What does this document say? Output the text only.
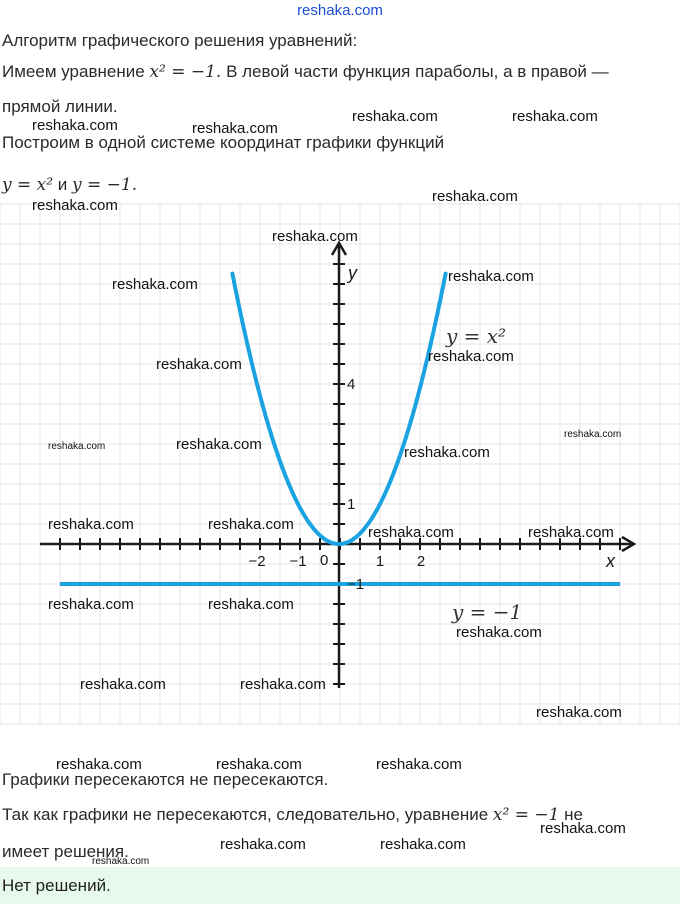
reshaka.com
Алгоритм графического решения уравнений:
Имеем уравнение x² = −1. В левой части функция параболы, а в правой —
прямой линии.
Построим в одной системе координат графики функций
y = x² и y = −1.
y
x
0
−2 −1	1 2
1
4
−1
y = x²
y = −1
Графики пересекаются не пересекаются.
Так как графики не пересекаются, следовательно, уравнение x² = −1 не
имеет решения.
Нет решений.
reshaka.com	reshaka.com
reshaka.com	reshaka.com
reshaka.com
reshaka.com
reshaka.com
reshaka.com
reshaka.com
reshaka.com
reshaka.com
reshaka.com
reshaka.com
reshaka.com	reshaka.com
reshaka.com	reshaka.com	reshaka.com	reshaka.com
reshaka.com	reshaka.com
reshaka.com
reshaka.com	reshaka.com
reshaka.com
reshaka.com	reshaka.com	reshaka.com
reshaka.com
reshaka.com	reshaka.com
reshaka.com
